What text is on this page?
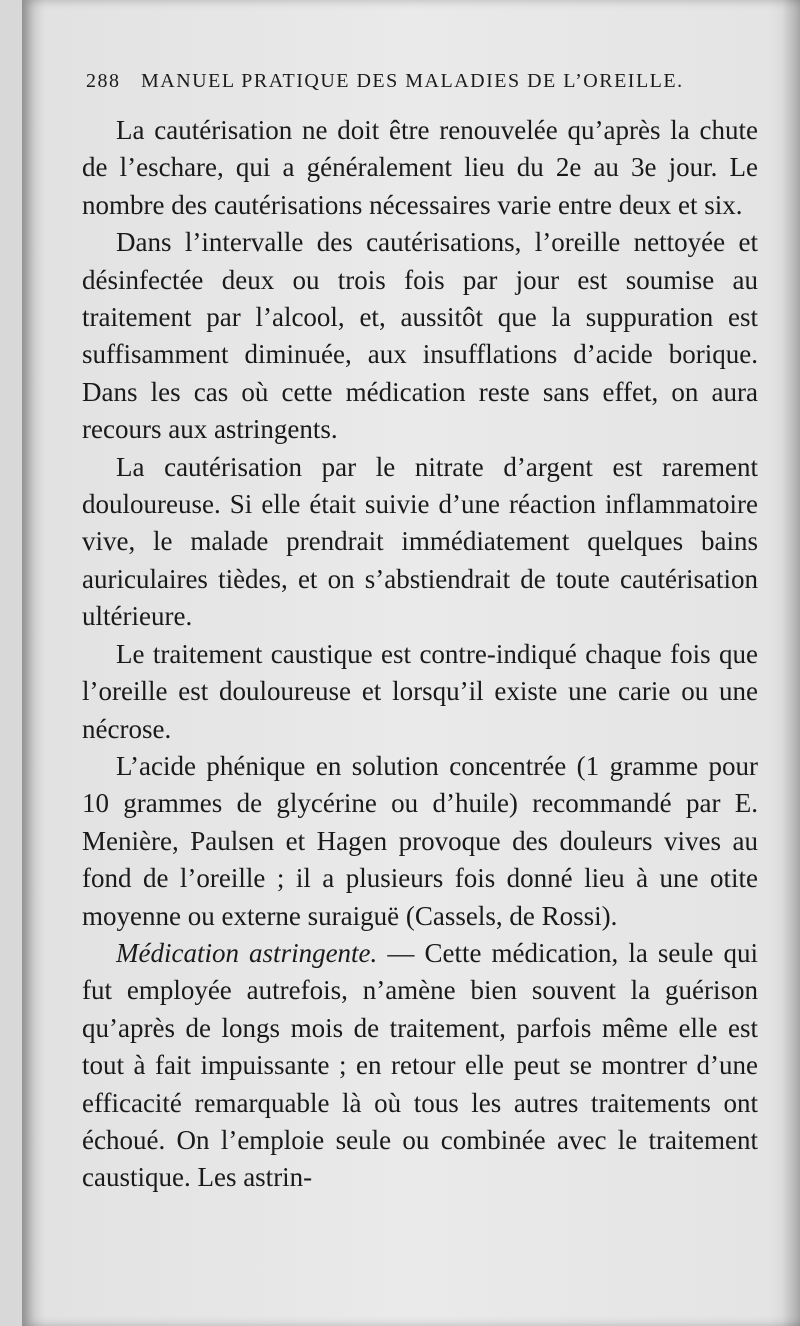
288 MANUEL PRATIQUE DES MALADIES DE L’OREILLE.

La cautérisation ne doit être renouvelée qu’après la chute de l’eschare, qui a généralement lieu du 2e au 3e jour. Le nombre des cautérisations nécessaires varie entre deux et six.

Dans l’intervalle des cautérisations, l’oreille nettoyée et désinfectée deux ou trois fois par jour est soumise au traitement par l’alcool, et, aussitôt que la suppuration est suffisamment diminuée, aux insufflations d’acide borique. Dans les cas où cette médication reste sans effet, on aura recours aux astringents.

La cautérisation par le nitrate d’argent est rarement douloureuse. Si elle était suivie d’une réaction inflammatoire vive, le malade prendrait immédiatement quelques bains auriculaires tièdes, et on s’abstiendrait de toute cautérisation ultérieure.

Le traitement caustique est contre-indiqué chaque fois que l’oreille est douloureuse et lorsqu’il existe une carie ou une nécrose.

L’acide phénique en solution concentrée (1 gramme pour 10 grammes de glycérine ou d’huile) recommandé par E. Menière, Paulsen et Hagen provoque des douleurs vives au fond de l’oreille ; il a plusieurs fois donné lieu à une otite moyenne ou externe suraiguë (Cassels, de Rossi).

Médication astringente. — Cette médication, la seule qui fut employée autrefois, n’amène bien souvent la guérison qu’après de longs mois de traitement, parfois même elle est tout à fait impuissante ; en retour elle peut se montrer d’une efficacité remarquable là où tous les autres traitements ont échoué. On l’emploie seule ou combinée avec le traitement caustique. Les astrin-
